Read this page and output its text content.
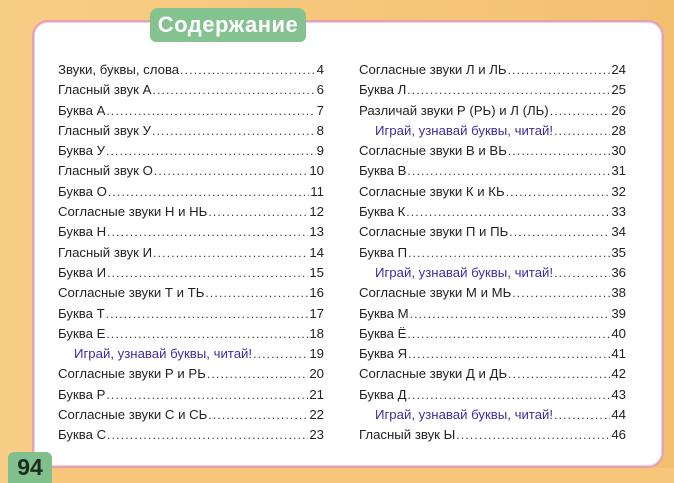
Содержание
Звуки, буквы, слова .....	4
Гласный звук А .....	6
Буква А .....	7
Гласный звук У .....	8
Буква У .....	9
Гласный звук О .....	10
Буква О .....	11
Согласные звуки Н и НЬ .....	12
Буква Н .....	13
Гласный звук И .....	14
Буква И .....	15
Согласные звуки Т и ТЬ .....	16
Буква Т .....	17
Буква Е .....	18
Играй, узнавай буквы, читай! .....	19
Согласные звуки Р и РЬ .....	20
Буква Р .....	21
Согласные звуки С и СЬ .....	22
Буква С .....	23
Согласные звуки Л и ЛЬ .....	24
Буква Л .....	25
Различай звуки Р (РЬ) и Л (ЛЬ) .....	26
Играй, узнавай буквы, читай! .....	28
Согласные звуки В и ВЬ .....	30
Буква В .....	31
Согласные звуки К и КЬ .....	32
Буква К .....	33
Согласные звуки П и ПЬ .....	34
Буква П .....	35
Играй, узнавай буквы, читай! .....	36
Согласные звуки М и МЬ .....	38
Буква М .....	39
Буква Ё .....	40
Буква Я .....	41
Согласные звуки Д и ДЬ .....	42
Буква Д .....	43
Играй, узнавай буквы, читай! .....	44
Гласный звук Ы .....	46
94
